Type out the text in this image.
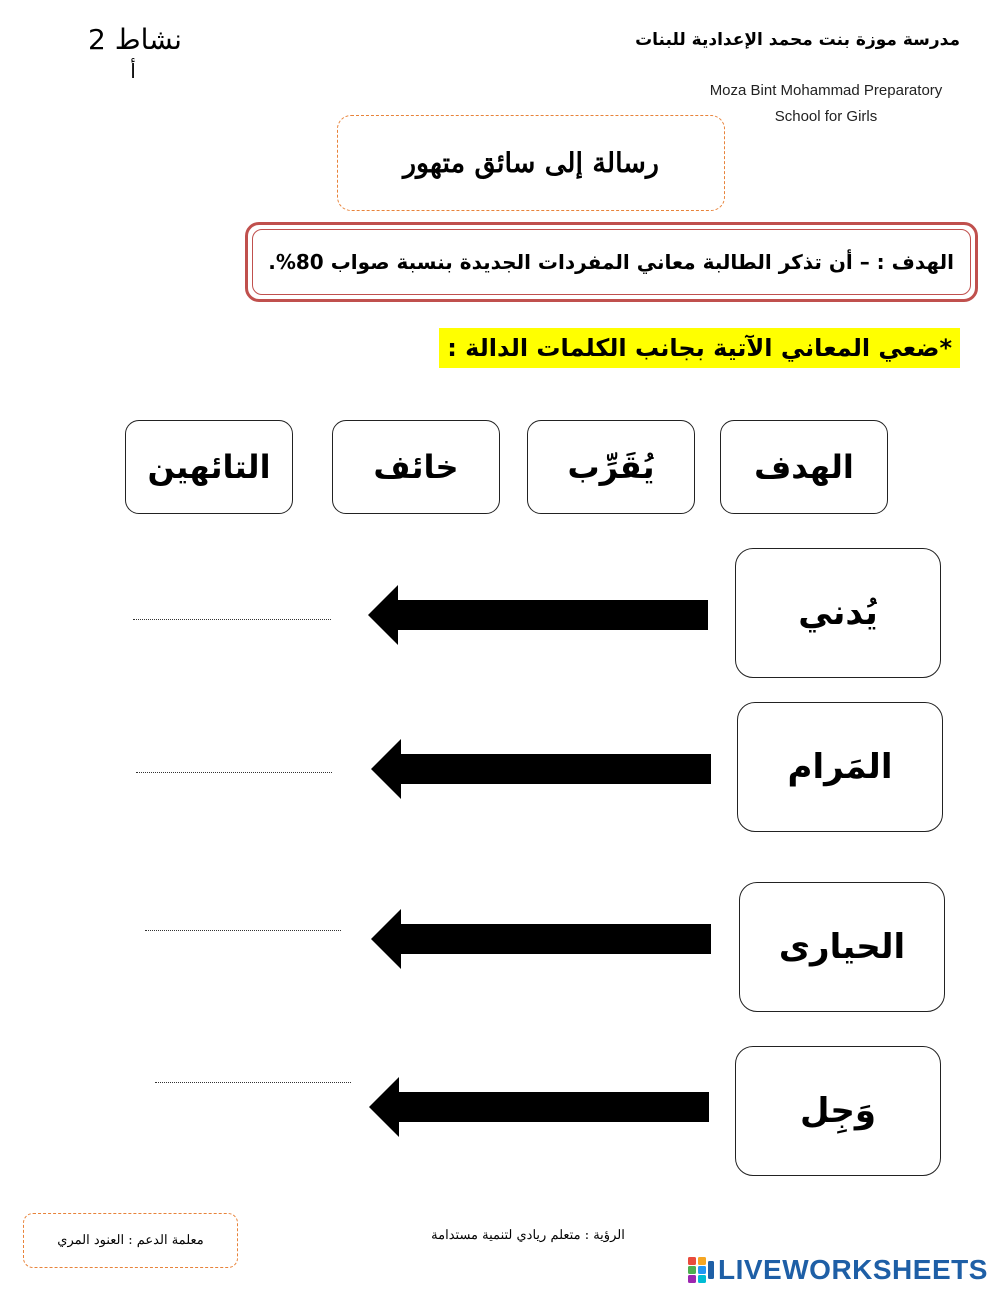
نشاط 2
أ
مدرسة موزة بنت محمد الإعدادية للبنات
Moza Bint Mohammad Preparatory School for Girls
رسالة إلى سائق متهور
الهدف : – أن تذكر الطالبة معاني المفردات الجديدة بنسبة صواب 80%.
*ضعي المعاني الآتية بجانب الكلمات الدالة :
الهدف
يُقَرِّب
خائف
التائهين
يُدني
المَرام
الحيارى
وَجِل
معلمة الدعم : العنود المري	الرؤية : متعلم ريادي لتنمية مستدامة
LIVEWORKSHEETS
